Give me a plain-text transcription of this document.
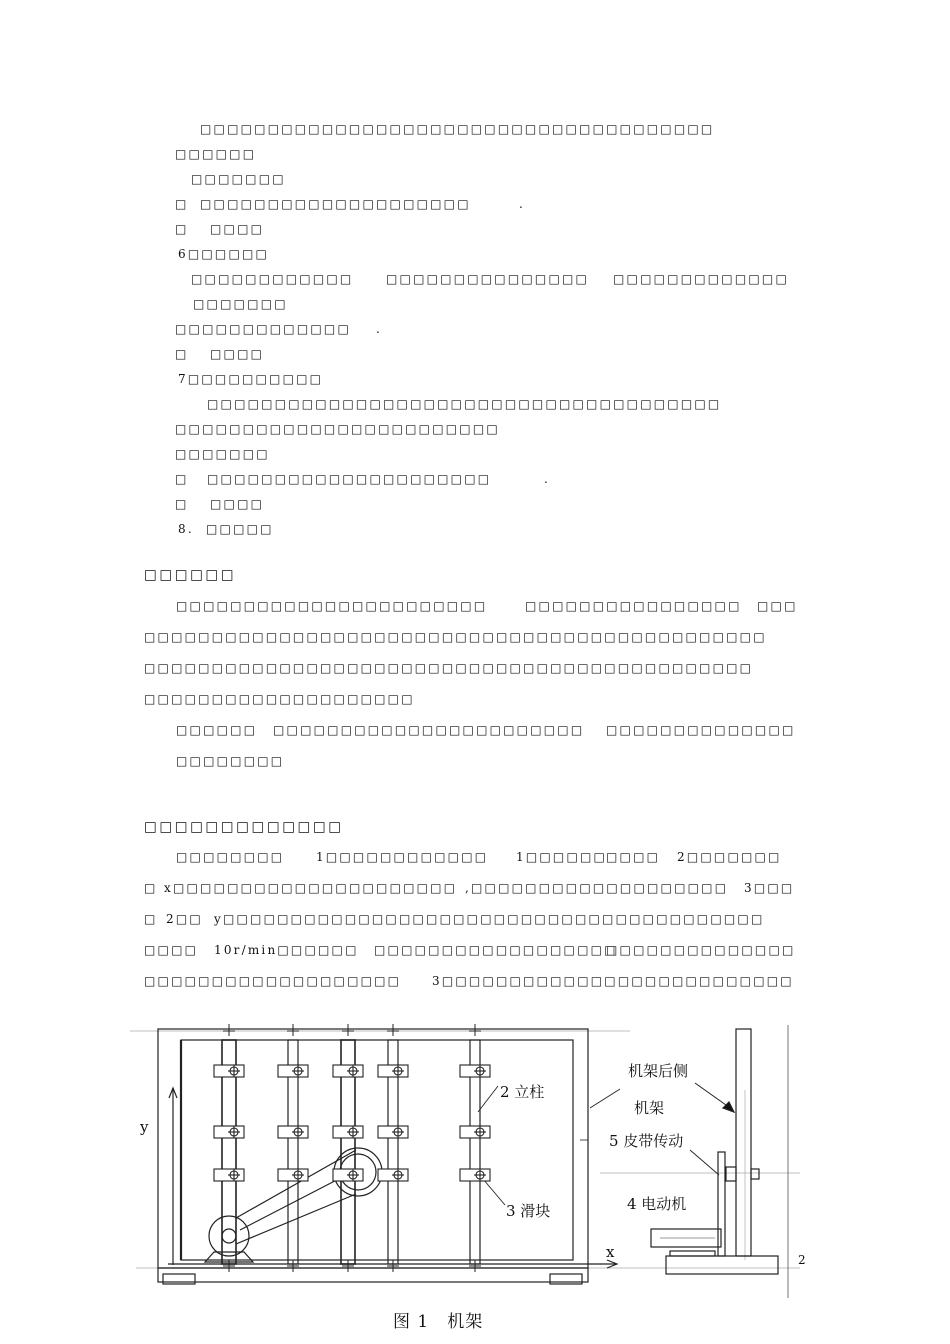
□□□□□□□□□□□□□□□□□□□□□□□□□□□□□□□□□□□□□□
□□□□□□
□□□□□□□
□ □□□□□□□□□□□□□□□□□□□□	.
□ □□□□
6□□□□□□
□□□□□□□□□□□□	□□□□□□□□□□□□□□□ □□□□□□□□□□□□□
□□□□□□□
□□□□□□□□□□□□□ .
□ □□□□
7□□□□□□□□□□
□□□□□□□□□□□□□□□□□□□□□□□□□□□□□□□□□□□□□□
□□□□□□□□□□□□□□□□□□□□□□□□
□□□□□□□
□ □□□□□□□□□□□□□□□□□□□□□	.
□ □□□□
8. □□□□□
□□□□□□□□□□□□□□□□□□□□□□□	□□□□□□□□□□□□□□□□ □□□
□□□□□□□□□□□□□□□□□□□□□□□□□□□□□□□□□□□□□□□□□□□□□□
□□□□□□□□□□□□□□□□□□□□□□□□□□□□□□□□□□□□□□□□□□□□□
□□□□□□□□□□□□□□□□□□□□
□□□□□□ □□□□□□□□□□□□□□□□□□□□□□□ □□□□□□□□□□□□□□
□□□□□□□□
□□□□□□□□	1□□□□□□□□□□□□ 1□□□□□□
□□□□ 2□□□□□□□
□ x□□□□□□□□□□□□□□□□□□□□□ ,□□□□□□□□□□□□□□□□□□□ 3□□□
□ 2□□ y□□□□□□□□□□□□□□□□□□□□□□□□□□□□□□□□□□□□□□□□
□□□□ 10r/min□□□□□□ □□□□□□□□□□□□□□□□□□
□□□□□□□□□□□□□□
□□□□□□□□□□□□□□□□□□□	3□□□□□□□□□□□□□□□□□□□□□□□□□□
□□□□□□
□□□□□□□□□□□□□
y
x
2 立柱
3 滑块
机架后侧
机架
5 皮带传动
4 电动机
2
图 1　机架
